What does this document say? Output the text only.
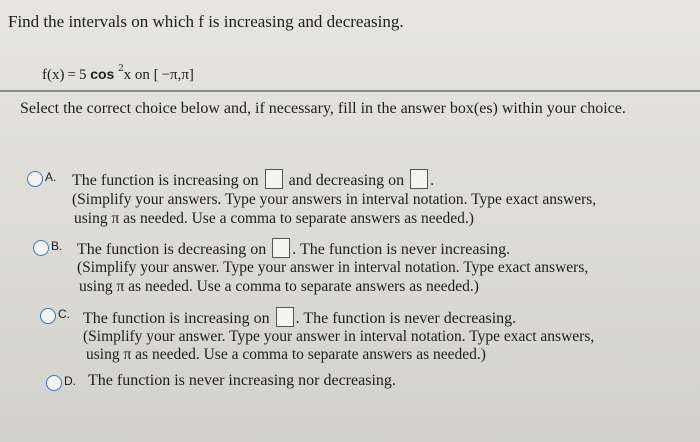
Find the intervals on which f is increasing and decreasing.
f(x) = 5 cos $^2$x on [ −π,π]
Select the correct choice below and, if necessary, fill in the answer box(es) within your choice.
A. The function is increasing on and decreasing on .
(Simplify your answers. Type your answers in interval notation. Type exact answers,
using π as needed. Use a comma to separate answers as needed.)
B. The function is decreasing on . The function is never increasing.
(Simplify your answer. Type your answer in interval notation. Type exact answers,
using π as needed. Use a comma to separate answers as needed.)
C. The function is increasing on . The function is never decreasing.
(Simplify your answer. Type your answer in interval notation. Type exact answers,
using π as needed. Use a comma to separate answers as needed.)
D. The function is never increasing nor decreasing.
